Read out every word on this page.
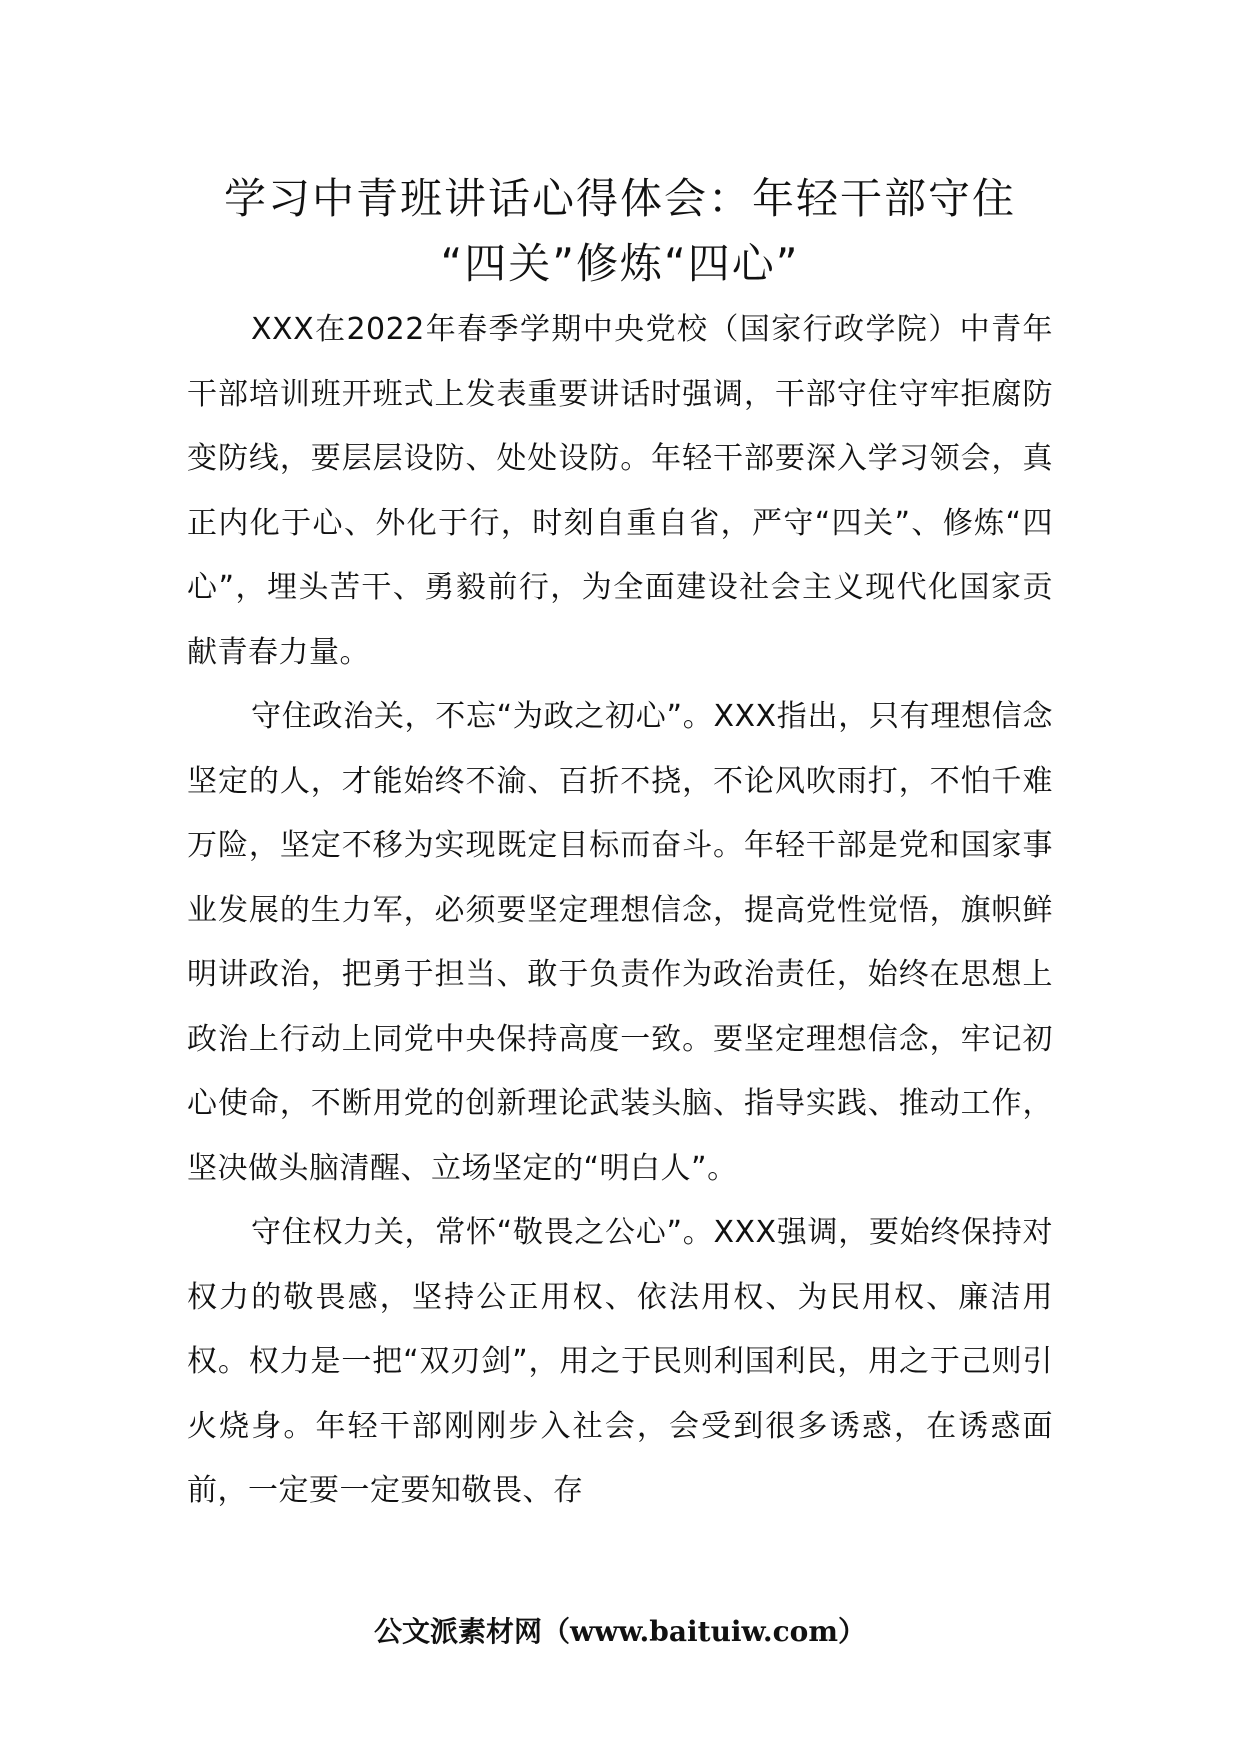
学习中青班讲话心得体会：年轻干部守住
“四关”修炼“四心”

XXX在2022年春季学期中央党校（国家行政学院）中青年干部培训班开班式上发表重要讲话时强调，干部守住守牢拒腐防变防线，要层层设防、处处设防。年轻干部要深入学习领会，真正内化于心、外化于行，时刻自重自省，严守“四关”、修炼“四心”，埋头苦干、勇毅前行，为全面建设社会主义现代化国家贡献青春力量。

守住政治关，不忘“为政之初心”。XXX指出，只有理想信念坚定的人，才能始终不渝、百折不挠，不论风吹雨打，不怕千难万险，坚定不移为实现既定目标而奋斗。年轻干部是党和国家事业发展的生力军，必须要坚定理想信念，提高党性觉悟，旗帜鲜明讲政治，把勇于担当、敢于负责作为政治责任，始终在思想上政治上行动上同党中央保持高度一致。要坚定理想信念，牢记初心使命，不断用党的创新理论武装头脑、指导实践、推动工作，坚决做头脑清醒、立场坚定的“明白人”。

守住权力关，常怀“敬畏之公心”。XXX强调，要始终保持对权力的敬畏感，坚持公正用权、依法用权、为民用权、廉洁用权。权力是一把“双刃剑”，用之于民则利国利民，用之于己则引火烧身。年轻干部刚刚步入社会，会受到很多诱惑，在诱惑面前，一定要一定要知敬畏、存

公文派素材网（www.baituiw.com）
